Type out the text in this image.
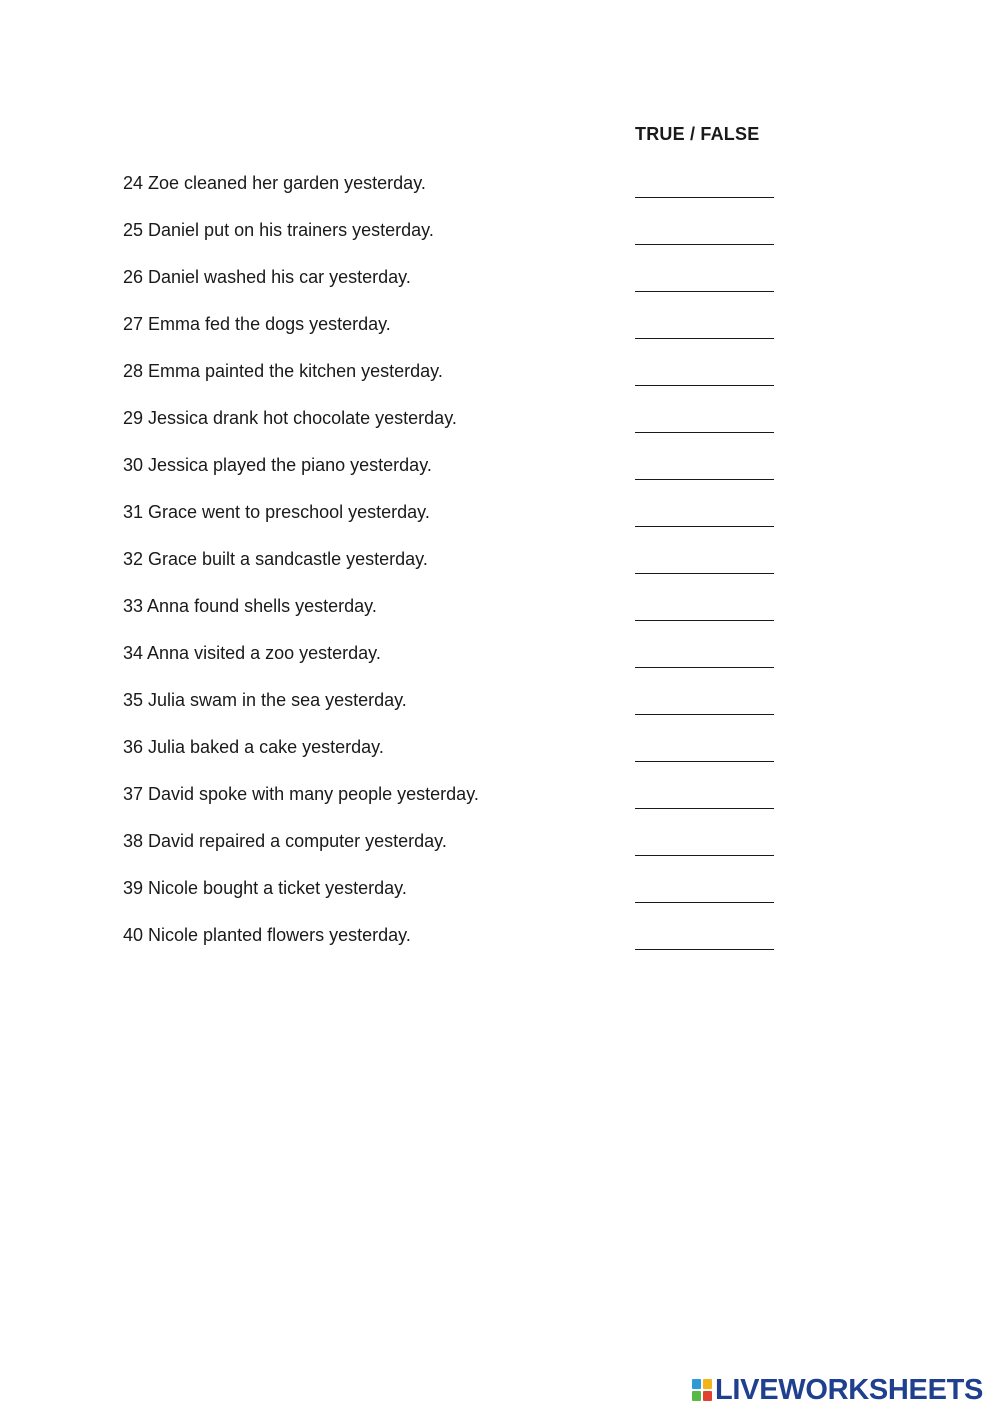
TRUE / FALSE
24 Zoe cleaned her garden yesterday.
25 Daniel put on his trainers yesterday.
26 Daniel washed his car yesterday.
27 Emma fed the dogs yesterday.
28 Emma painted the kitchen yesterday.
29 Jessica drank hot chocolate yesterday.
30 Jessica played the piano yesterday.
31 Grace went to preschool yesterday.
32 Grace built a sandcastle yesterday.
33 Anna found shells yesterday.
34 Anna visited a zoo yesterday.
35 Julia swam in the sea yesterday.
36 Julia baked a cake yesterday.
37 David spoke with many people yesterday.
38 David repaired a computer yesterday.
39 Nicole bought a ticket yesterday.
40 Nicole planted flowers yesterday.
LIVEWORKSHEETS
